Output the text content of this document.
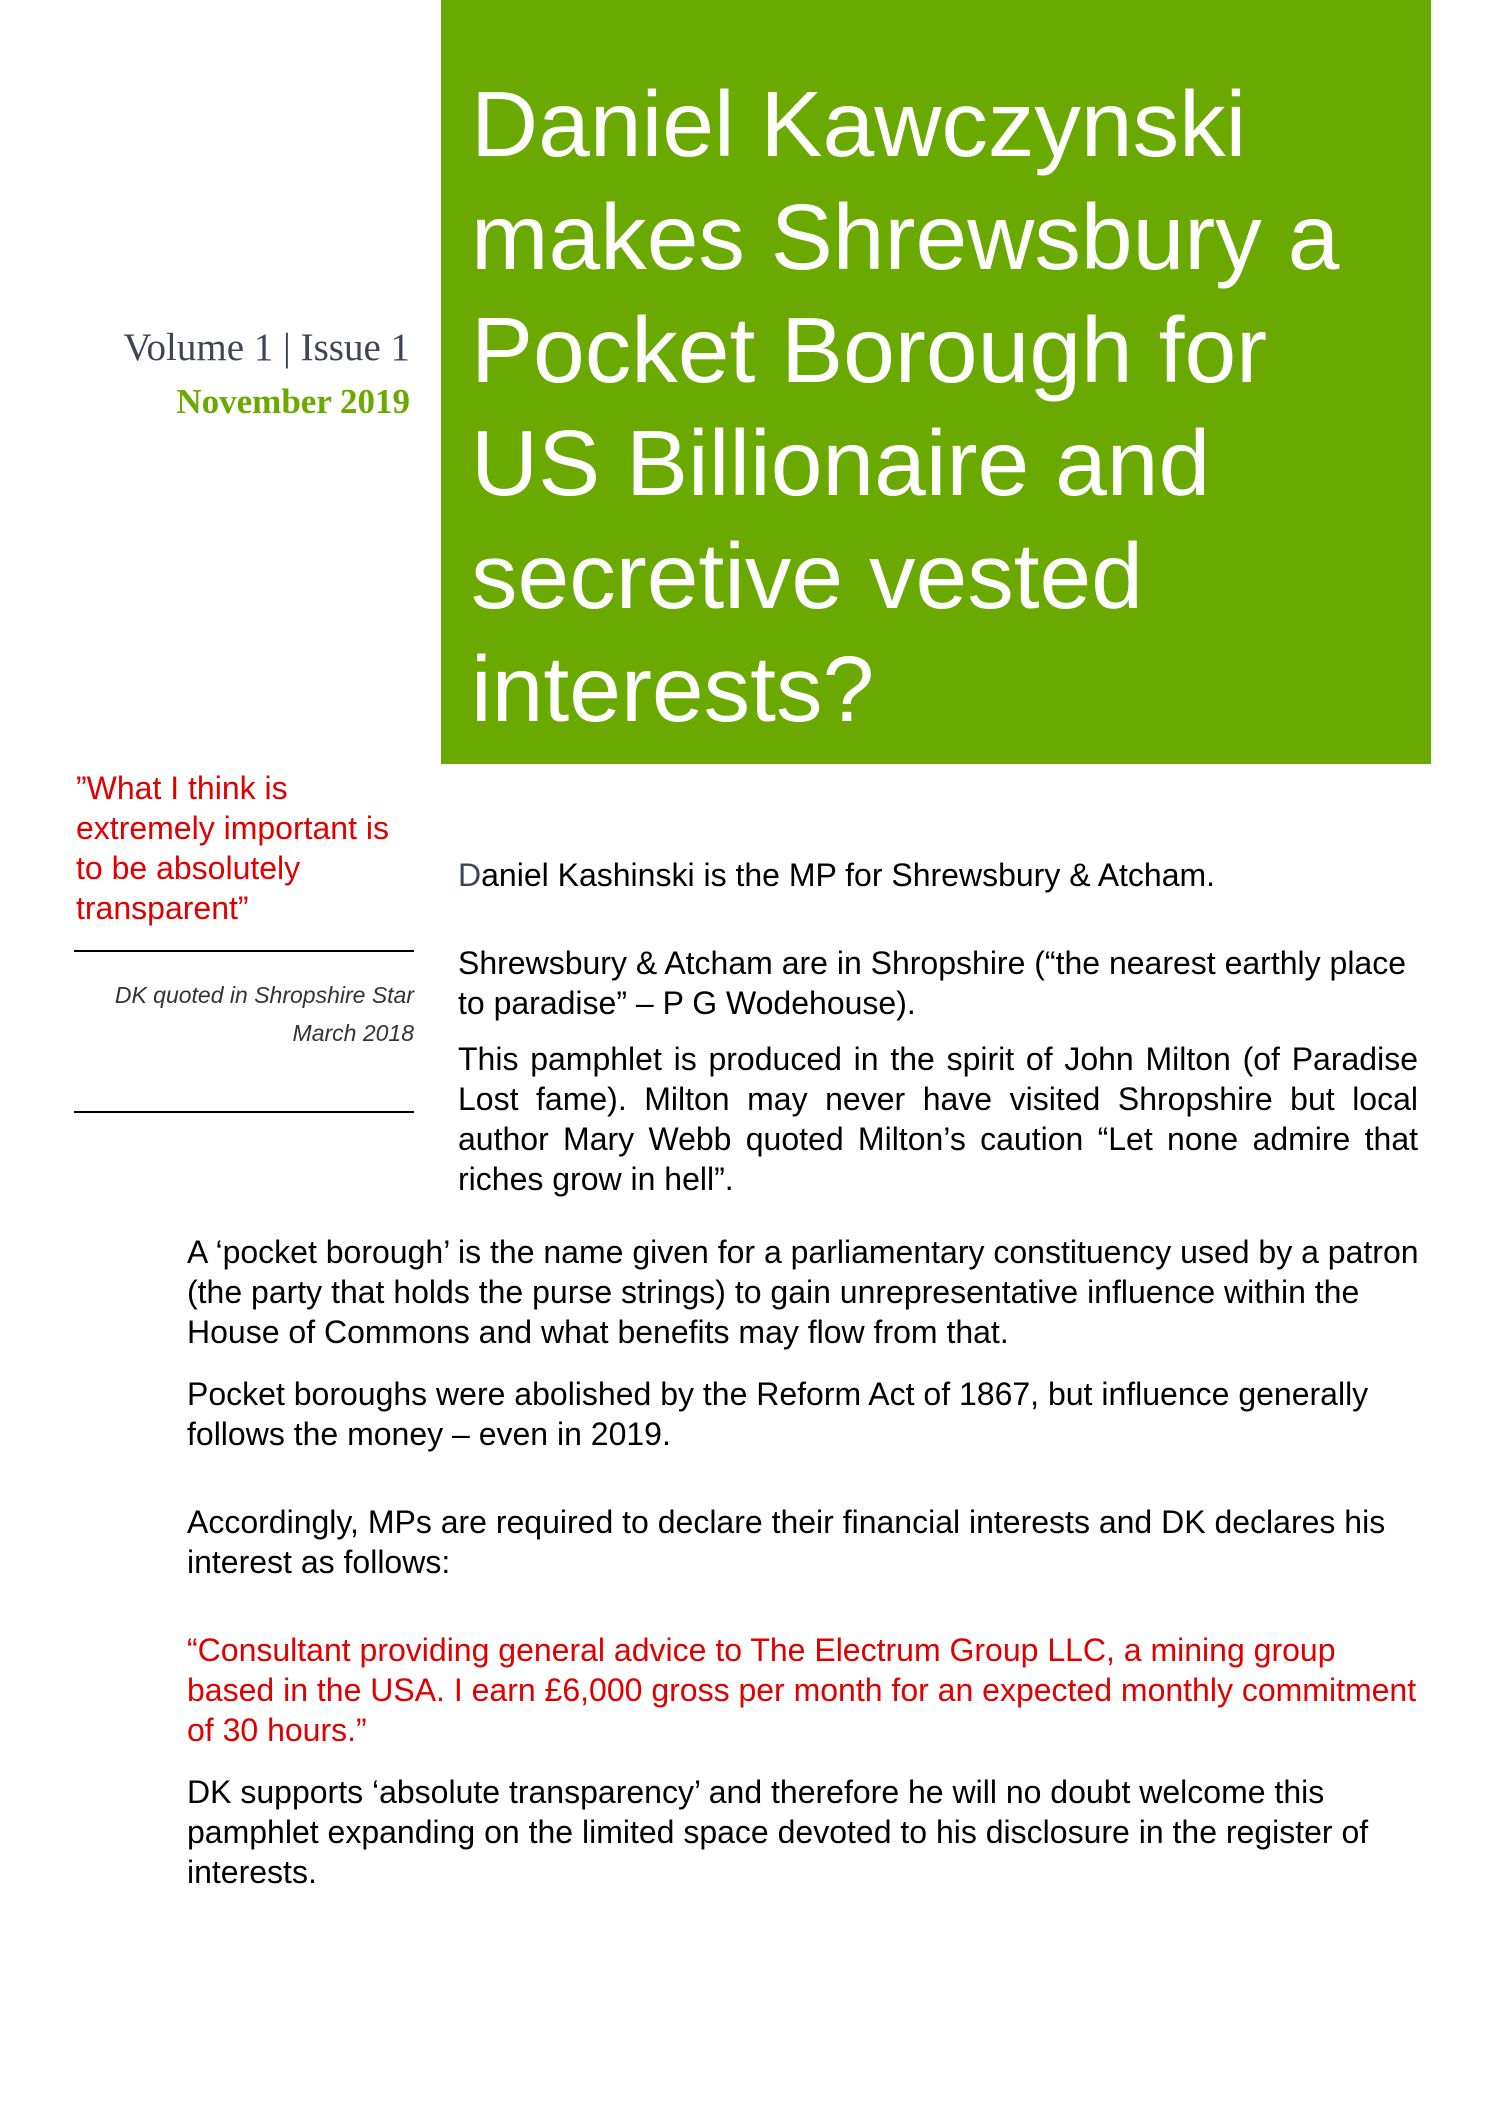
Daniel Kawczynski makes Shrewsbury a Pocket Borough for US Billionaire and secretive vested interests?
Volume 1 | Issue 1
November 2019
”What I think is extremely important is to be absolutely transparent”
DK quoted in Shropshire Star
March 2018

Daniel Kashinski is the MP for Shrewsbury & Atcham.

Shrewsbury & Atcham are in Shropshire (“the nearest earthly place to paradise” – P G Wodehouse).

This pamphlet is produced in the spirit of John Milton (of Paradise Lost fame). Milton may never have visited Shropshire but local author Mary Webb quoted Milton’s caution “Let none admire that riches grow in hell”.

A ‘pocket borough’ is the name given for a parliamentary constituency used by a patron (the party that holds the purse strings) to gain unrepresentative influence within the House of Commons and what benefits may flow from that.

Pocket boroughs were abolished by the Reform Act of 1867, but influence generally follows the money – even in 2019.

Accordingly, MPs are required to declare their financial interests and DK declares his interest as follows:

“Consultant providing general advice to The Electrum Group LLC, a mining group based in the USA. I earn £6,000 gross per month for an expected monthly commitment of 30 hours.”

DK supports ‘absolute transparency’ and therefore he will no doubt welcome this pamphlet expanding on the limited space devoted to his disclosure in the register of interests.
